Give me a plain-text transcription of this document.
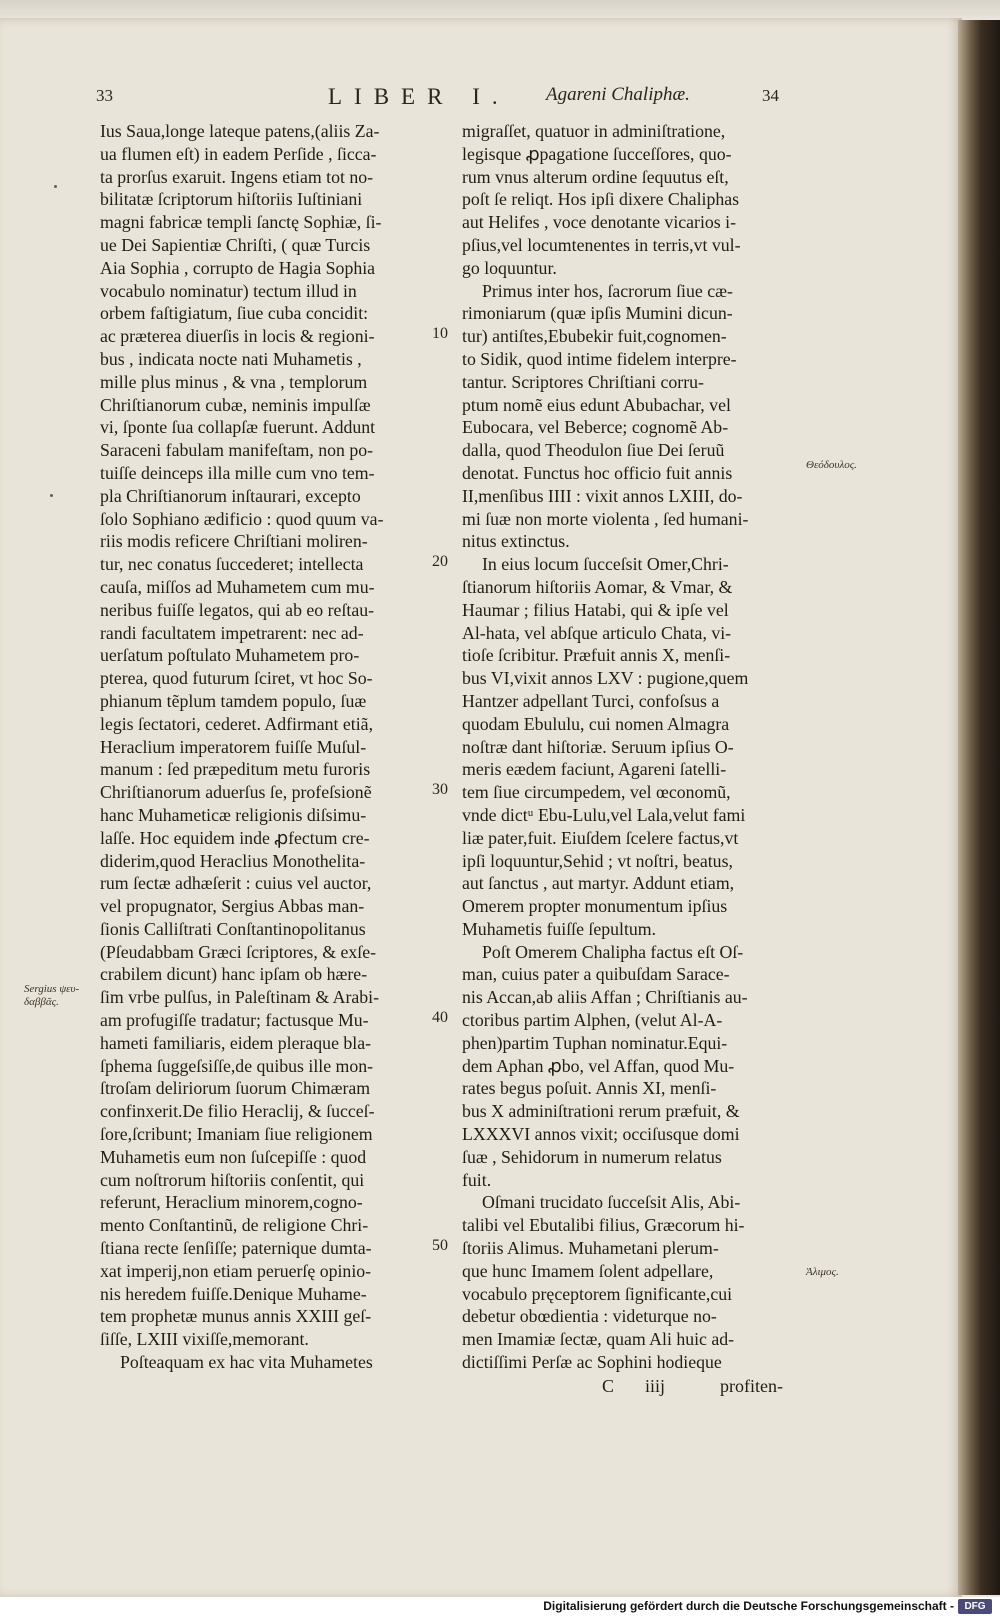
33	LIBER I. Agareni Chaliphæ.	34
Ius Saua,longe lateque patens,(aliis Za-
ua flumen eſt) in eadem Perſide , ſicca-
ta prorſus exaruit. Ingens etiam tot no-
bilitatæ ſcriptorum hiſtoriis Iuſtiniani
magni fabricæ templi ſanctę Sophiæ, ſi-
ue Dei Sapientiæ Chriſti, ( quæ Turcis
Aia Sophia , corrupto de Hagia Sophia
vocabulo nominatur) tectum illud in
orbem faſtigiatum, ſiue cuba concidit:
ac præterea diuerſis in locis & regioni-
bus , indicata nocte nati Muhametis ,
mille plus minus , & vna , templorum
Chriſtianorum cubæ, neminis impulſæ
vi, ſponte ſua collapſæ fuerunt. Addunt
Saraceni fabulam manifeſtam, non po-
tuiſſe deinceps illa mille cum vno tem-
pla Chriſtianorum inſtaurari, excepto
ſolo Sophiano ædificio : quod quum va-
riis modis reficere Chriſtiani moliren-
tur, nec conatus ſuccederet; intellecta
cauſa, miſſos ad Muhametem cum mu-
neribus fuiſſe legatos, qui ab eo reſtau-
randi facultatem impetrarent: nec ad-
uerſatum poſtulato Muhametem pro-
pterea, quod futurum ſciret, vt hoc So-
phianum tẽplum tamdem populo, ſuæ
legis ſectatori, cederet. Adfirmant etiã,
Heraclium imperatorem fuiſſe Muſul-
manum : ſed præpeditum metu furoris
Chriſtianorum aduerſus ſe, profeſsionẽ
hanc Muhameticæ religionis diſsimu-
laſſe. Hoc equidem inde ꝓfectum cre-
diderim,quod Heraclius Monothelita-
rum ſectæ adhæſerit : cuius vel auctor,
vel propugnator, Sergius Abbas man-
ſionis Calliſtrati Conſtantinopolitanus
(Pſeudabbam Græci ſcriptores, & exſe-
crabilem dicunt) hanc ipſam ob hære-
ſim vrbe pulſus, in Paleſtinam & Arabi-
am profugiſſe tradatur; factusque Mu-
hameti familiaris, eidem pleraque bla-
ſphema ſuggeſsiſſe,de quibus ille mon-
ſtroſam deliriorum ſuorum Chimæram
confinxerit.De filio Heraclij, & ſucceſ-
ſore,ſcribunt; Imaniam ſiue religionem
Muhametis eum non ſuſcepiſſe : quod
cum noſtrorum hiſtoriis conſentit, qui
referunt, Heraclium minorem,cogno-
mento Conſtantinũ, de religione Chri-
ſtiana recte ſenſiſſe; paternique dumta-
xat imperij,non etiam peruerſę opinio-
nis heredem fuiſſe.Denique Muhame-
tem prophetæ munus annis XXIII geſ-
ſiſſe, LXIII vixiſſe,memorant.
Poſteaquam ex hac vita Muhametes
migraſſet, quatuor in adminiſtratione,
legisque ꝓpagatione ſucceſſores, quo-
rum vnus alterum ordine ſequutus eſt,
poſt ſe reliqt. Hos ipſi dixere Chaliphas
aut Helifes , voce denotante vicarios i-
pſius,vel locumtenentes in terris,vt vul-
go loquuntur.
Primus inter hos, ſacrorum ſiue cæ-
rimoniarum (quæ ipſis Mumini dicun-
tur) antiſtes,Ebubekir fuit,cognomen-
to Sidik, quod intime fidelem interpre-
tantur. Scriptores Chriſtiani corru-
ptum nomẽ eius edunt Abubachar, vel
Eubocara, vel Beberce; cognomẽ Ab-
dalla, quod Theodulon ſiue Dei ſeruũ
denotat. Functus hoc officio fuit annis
II,menſibus IIII : vixit annos LXIII, do-
mi ſuæ non morte violenta , ſed humani-
nitus extinctus.
In eius locum ſucceſsit Omer,Chri-
ſtianorum hiſtoriis Aomar, & Vmar, &
Haumar ; filius Hatabi, qui & ipſe vel
Al-hata, vel abſque articulo Chata, vi-
tioſe ſcribitur. Præfuit annis X, menſi-
bus VI,vixit annos LXV : pugione,quem
Hantzer adpellant Turci, confoſsus a
quodam Ebululu, cui nomen Almagra
noſtræ dant hiſtoriæ. Seruum ipſius O-
meris eædem faciunt, Agareni ſatelli-
tem ſiue circumpedem, vel œconomũ,
vnde dictᵘ Ebu-Lulu,vel Lala,velut fami
liæ pater,fuit. Eiuſdem ſcelere factus,vt
ipſi loquuntur,Sehid ; vt noſtri, beatus,
aut ſanctus , aut martyr. Addunt etiam,
Omerem propter monumentum ipſius
Muhametis fuiſſe ſepultum.
Poſt Omerem Chalipha factus eſt Oſ-
man, cuius pater a quibuſdam Sarace-
nis Accan,ab aliis Affan ; Chriſtianis au-
ctoribus partim Alphen, (velut Al-A-
phen)partim Tuphan nominatur.Equi-
dem Aphan ꝓbo, vel Affan, quod Mu-
rates begus poſuit. Annis XI, menſi-
bus X adminiſtrationi rerum præfuit, &
LXXXVI annos vixit; occiſusque domi
ſuæ , Sehidorum in numerum relatus
fuit.
Oſmani trucidato ſucceſsit Alis, Abi-
talibi vel Ebutalibi filius, Græcorum hi-
ſtoriis Alimus. Muhametani plerum-
que hunc Imamem ſolent adpellare,
vocabulo pręceptorem ſignificante,cui
debetur obœdientia : videturque no-
men Imamiæ ſectæ, quam Ali huic ad-
dictiſſimi Perſæ ac Sophini hodieque
10
20
30
40
50
Θεόδουλος.
Sergius ψευ-
δαββᾶς.
Ἀλιμος.
C iiij	profiten-
Digitalisierung gefördert durch die Deutsche Forschungsgemeinschaft -	DFG
